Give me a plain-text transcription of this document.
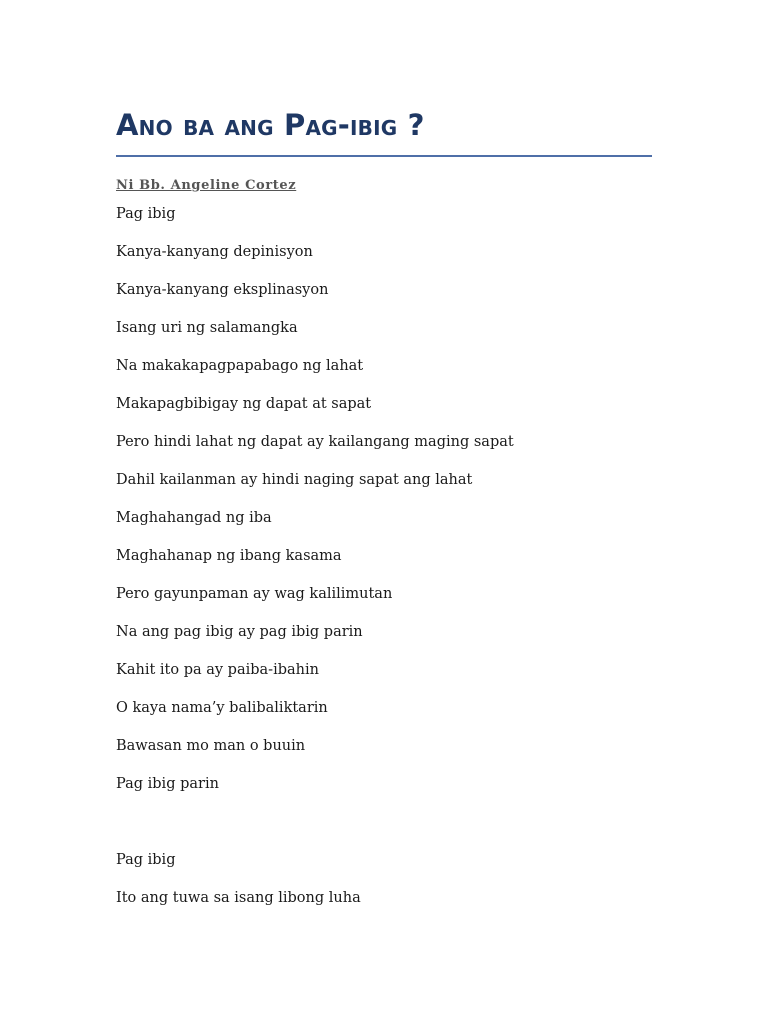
Ano ba ang Pag-ibig ?
Ni Bb. Angeline Cortez
Pag ibig
Kanya-kanyang depinisyon
Kanya-kanyang eksplinasyon
Isang uri ng salamangka
Na makakapagpapabago ng lahat
Makapagbibigay ng dapat at sapat
Pero hindi lahat ng dapat ay kailangang maging sapat
Dahil kailanman ay hindi naging sapat ang lahat
Maghahangad ng iba
Maghahanap ng ibang kasama
Pero gayunpaman ay wag kalilimutan
Na ang pag ibig ay pag ibig parin
Kahit ito pa ay paiba-ibahin
O kaya nama’y balibaliktarin
Bawasan mo man o buuin
Pag ibig parin
Pag ibig
Ito ang tuwa sa isang libong luha
